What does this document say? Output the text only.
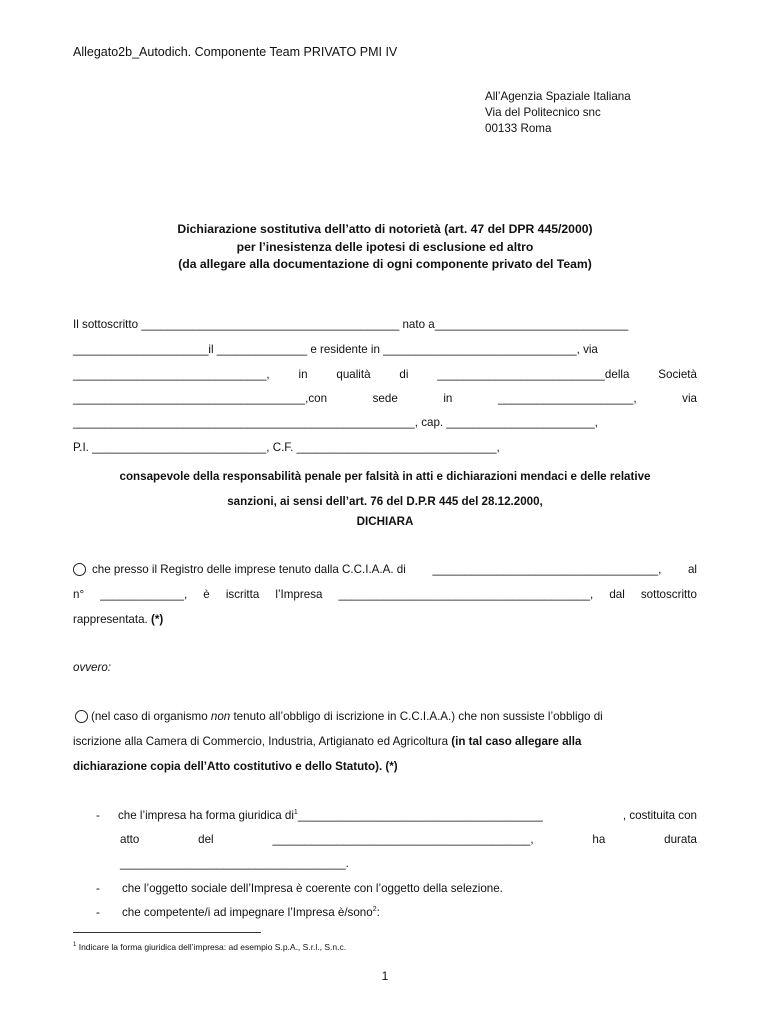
Allegato2b_Autodich. Componente Team PRIVATO PMI IV
All’Agenzia Spaziale Italiana
Via del Politecnico snc
00133 Roma
Dichiarazione sostitutiva dell’atto di notorietà (art. 47 del DPR 445/2000)
per l’inesistenza delle ipotesi di esclusione ed altro
(da allegare alla documentazione di ogni componente privato del Team)
Il sottoscritto ________________________________________ nato a______________________________
_____________________il ______________ e residente in ______________________________, via
______________________________, in qualità di __________________________della Società
____________________________________,con	sede	in	_____________________,	via
_____________________________________________________, cap. _______________________,
P.I. ___________________________, C.F. _______________________________,
consapevole della responsabilità penale per falsità in atti e dichiarazioni mendaci e delle relative
sanzioni, ai sensi dell’art. 76 del D.P.R 445 del 28.12.2000,
DICHIARA
che presso il Registro delle imprese tenuto dalla C.C.I.A.A. di ___________________________________, al
n° _____________, è iscritta l’Impresa _______________________________________, dal sottoscritto
rappresentata. (*)
ovvero:
(nel caso di organismo non tenuto all’obbligo di iscrizione in C.C.I.A.A.) che non sussiste l’obbligo di
iscrizione alla Camera di Commercio, Industria, Artigianato ed Agricoltura (in tal caso allegare alla
dichiarazione copia dell’Atto costitutivo e dello Statuto). (*)
- che l’impresa ha forma giuridica $di^1\_\_\_\_\_\_\_\_\_\_\_\_\_\_\_\_\_\_\_\_\_\_\_\_\_\_\_\_\_\_\_\_\_\_\_\_\_\_$	, costituita con
atto	del	________________________________________,	ha	durata
___________________________________.
- che l’oggetto sociale dell’Impresa è coerente con l’oggetto della selezione.
- che competente/i ad impegnare l’Impresa è/sono$^2$:
$^1$ Indicare la forma giuridica dell’impresa: ad esempio S.p.A., S.r.l., S.n.c.
1
